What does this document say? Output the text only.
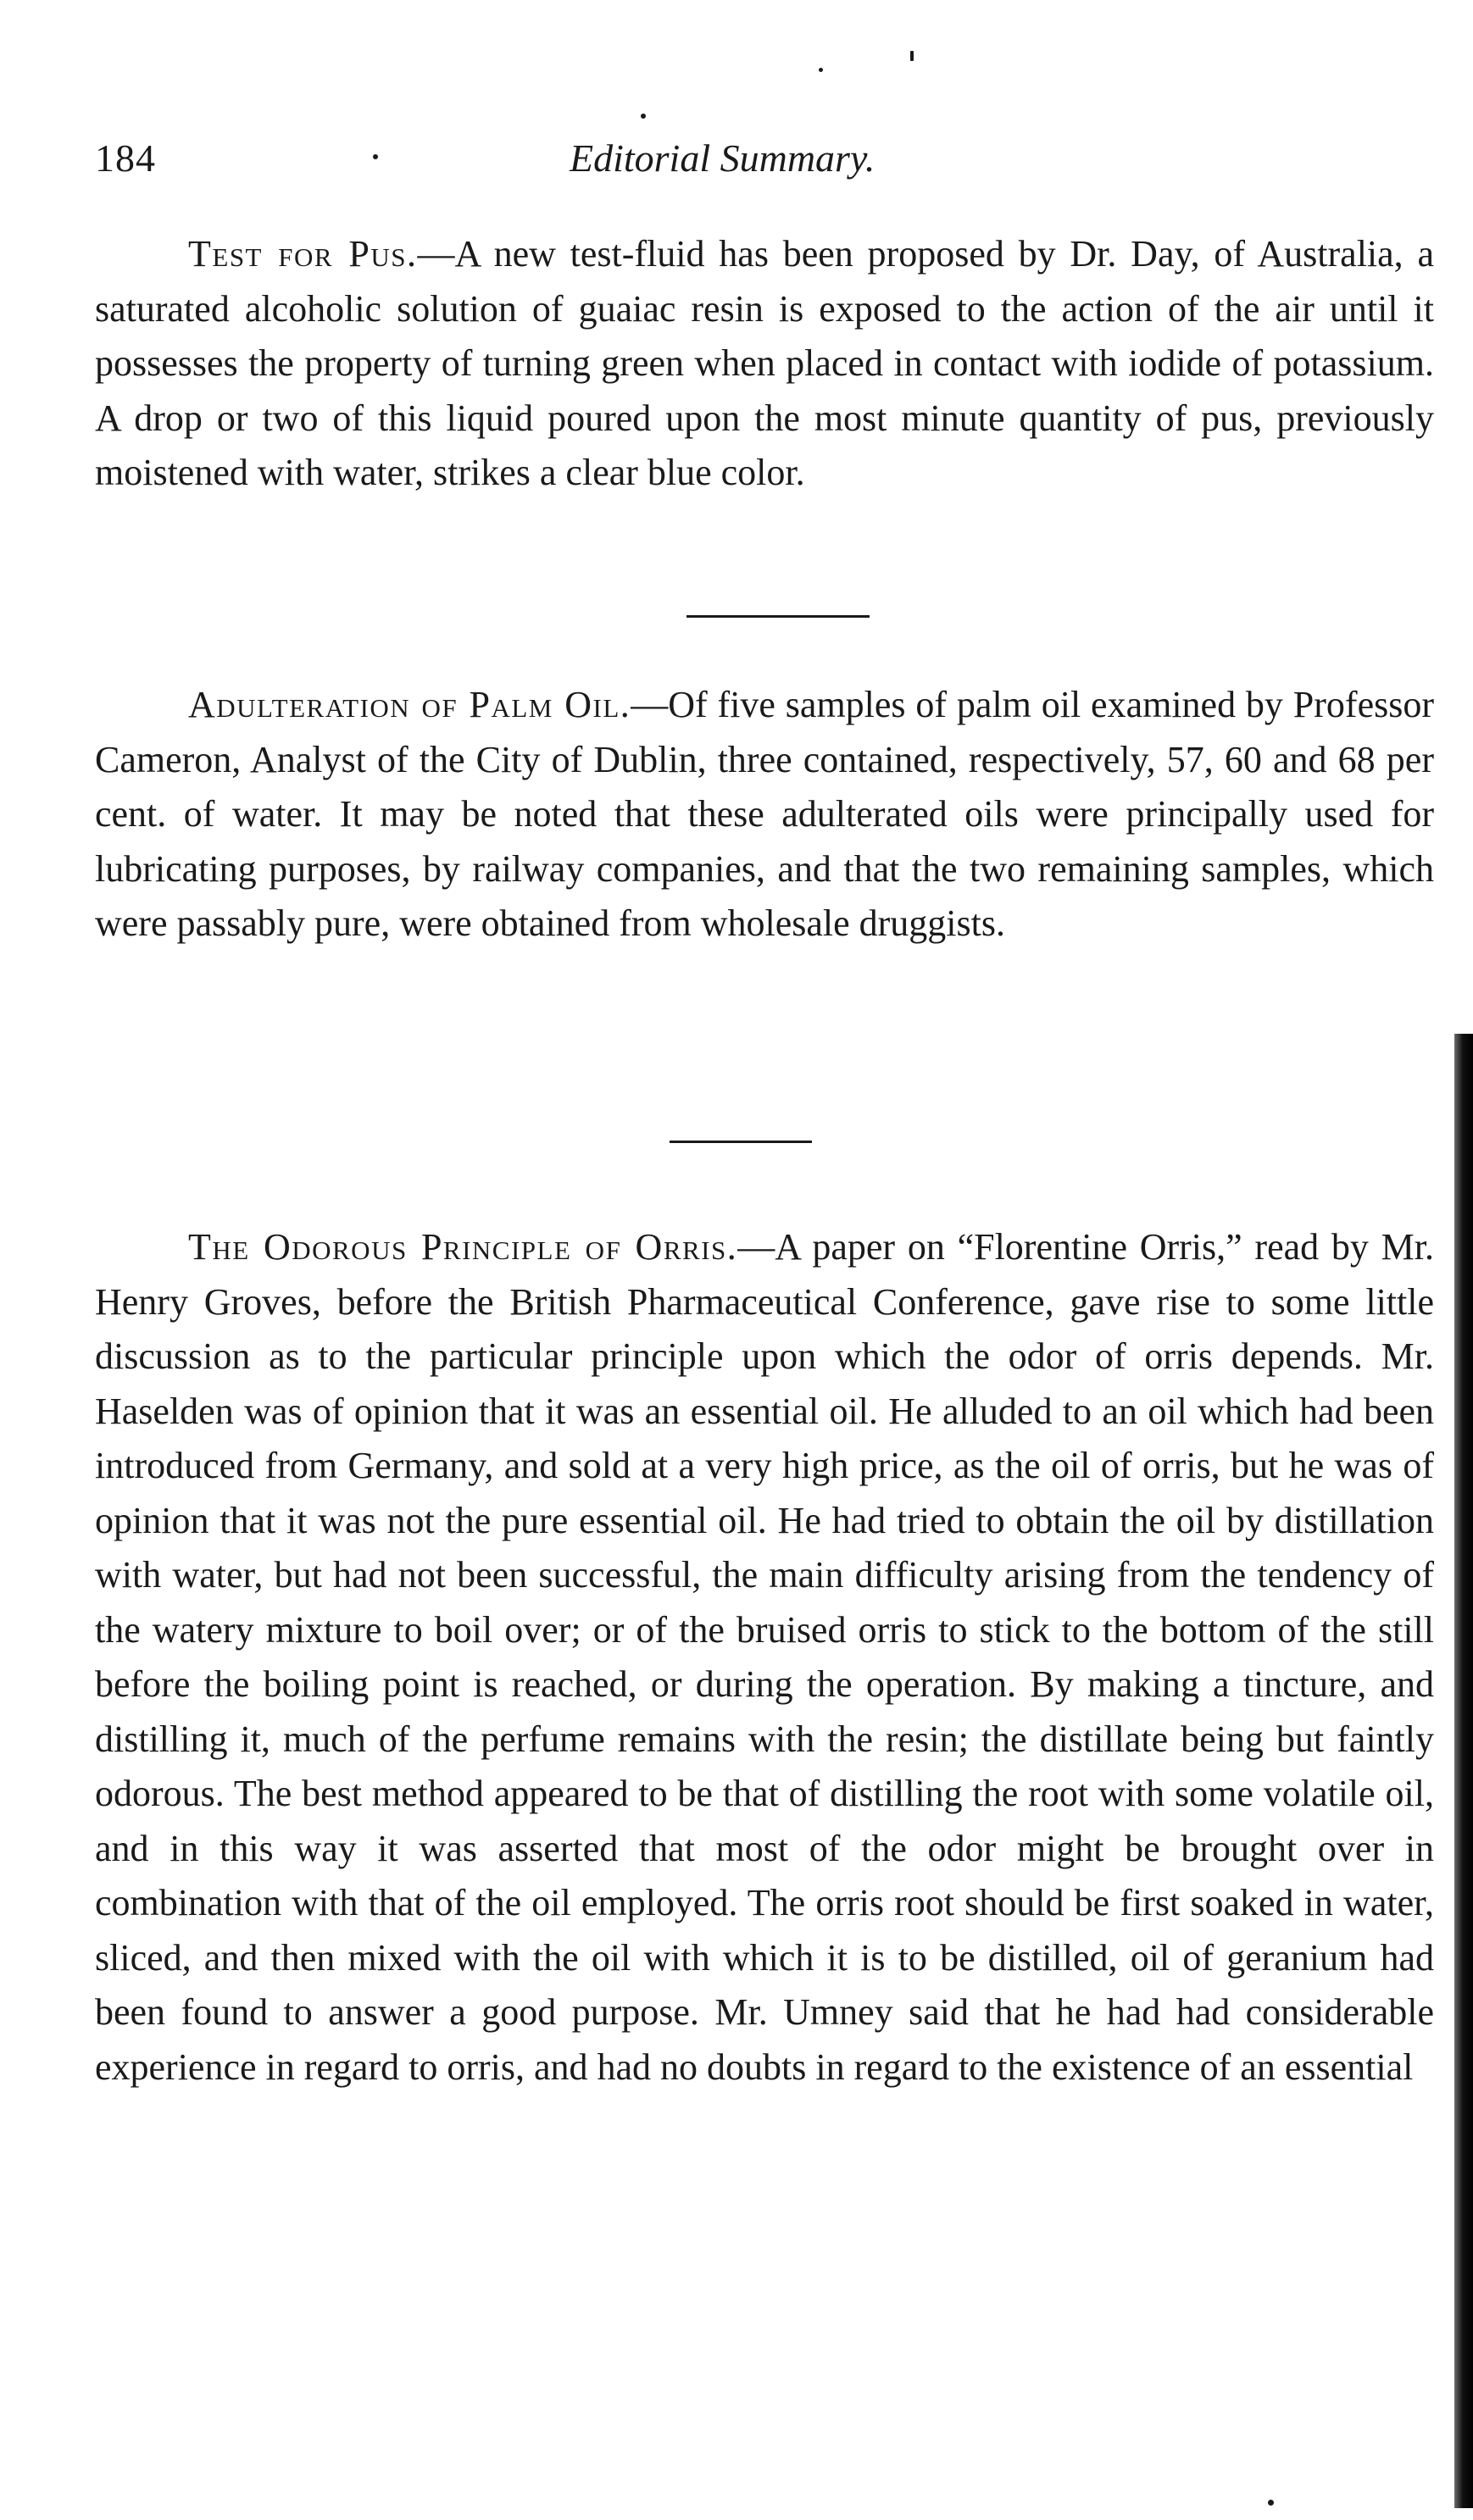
184	Editorial Summary.

Test for Pus.—A new test-fluid has been proposed by Dr. Day, of Australia, a saturated alcoholic solution of guaiac resin is exposed to the action of the air until it possesses the property of turning green when placed in contact with iodide of potassium. A drop or two of this liquid poured upon the most minute quantity of pus, previously moistened with water, strikes a clear blue color.

Adulteration of Palm Oil.—Of five samples of palm oil examined by Professor Cameron, Analyst of the City of Dublin, three contained, respectively, 57, 60 and 68 per cent. of water. It may be noted that these adulterated oils were principally used for lubricating purposes, by railway companies, and that the two remaining samples, which were passably pure, were obtained from wholesale druggists.

The Odorous Principle of Orris.—A paper on “Florentine Orris,” read by Mr. Henry Groves, before the British Pharmaceutical Conference, gave rise to some little discussion as to the particular principle upon which the odor of orris depends. Mr. Haselden was of opinion that it was an essential oil. He alluded to an oil which had been introduced from Germany, and sold at a very high price, as the oil of orris, but he was of opinion that it was not the pure essential oil. He had tried to obtain the oil by distillation with water, but had not been successful, the main difficulty arising from the tendency of the watery mixture to boil over; or of the bruised orris to stick to the bottom of the still before the boiling point is reached, or during the operation. By making a tincture, and distilling it, much of the perfume remains with the resin; the distillate being but faintly odorous. The best method appeared to be that of distilling the root with some volatile oil, and in this way it was asserted that most of the odor might be brought over in combination with that of the oil employed. The orris root should be first soaked in water, sliced, and then mixed with the oil with which it is to be distilled, oil of geranium had been found to answer a good purpose. Mr. Umney said that he had had considerable experience in regard to orris, and had no doubts in regard to the existence of an essential
